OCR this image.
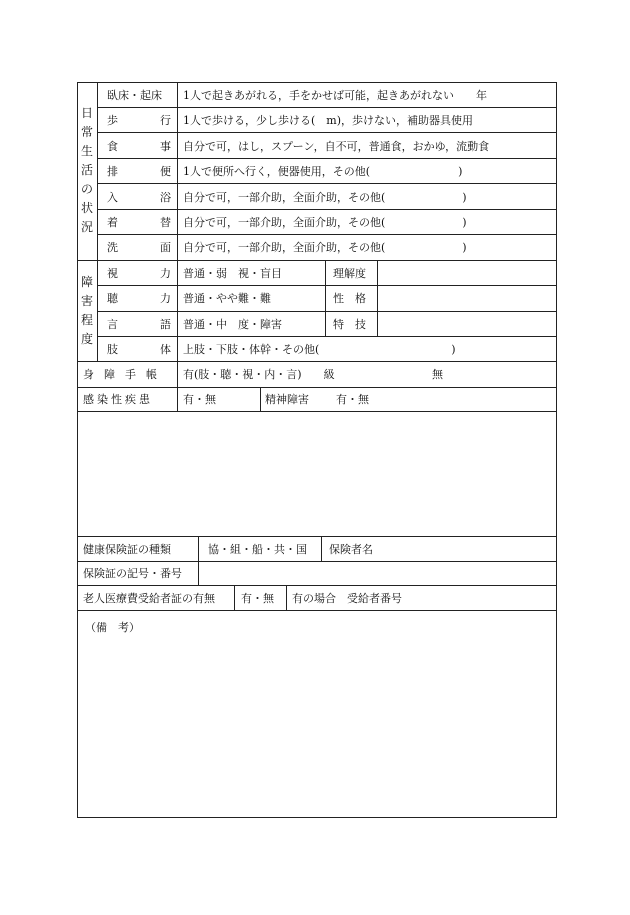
日常生活の状況
障害程度
臥床・起床 1人で起きあがれる，手をかせば可能，起きあがれない　　年
歩	行 1人で歩ける，少し歩ける(　m)，歩けない，補助器具使用
食	事 自分で可，はし，スプーン，自不可，普通食，おかゆ，流動食
排	便 1人で便所へ行く，便器使用，その他(　　　　　　　　)
入	浴 自分で可，一部介助，全面介助，その他(　　　　　　　)
着	替 自分で可，一部介助，全面介助，その他(　　　　　　　)
洗	面 自分で可，一部介助，全面介助，その他(　　　　　　　)
視	力 普通・弱　視・盲目	理解度
聴	力 普通・やや難・難	性　格
言	語 普通・中　度・障害	特　技
肢	体 上肢・下肢・体幹・その他(　　　　　　　　　　　　)
身障手帳 有(肢・聴・視・内・言)　　級	無
感染性疾患	有・無	精神障害 有・無
健康保険証の種類	協・組・船・共・国 保険者名
保険証の記号・番号
老人医療費受給者証の有無 有・無 有の場合　受給者番号
（備　考）
